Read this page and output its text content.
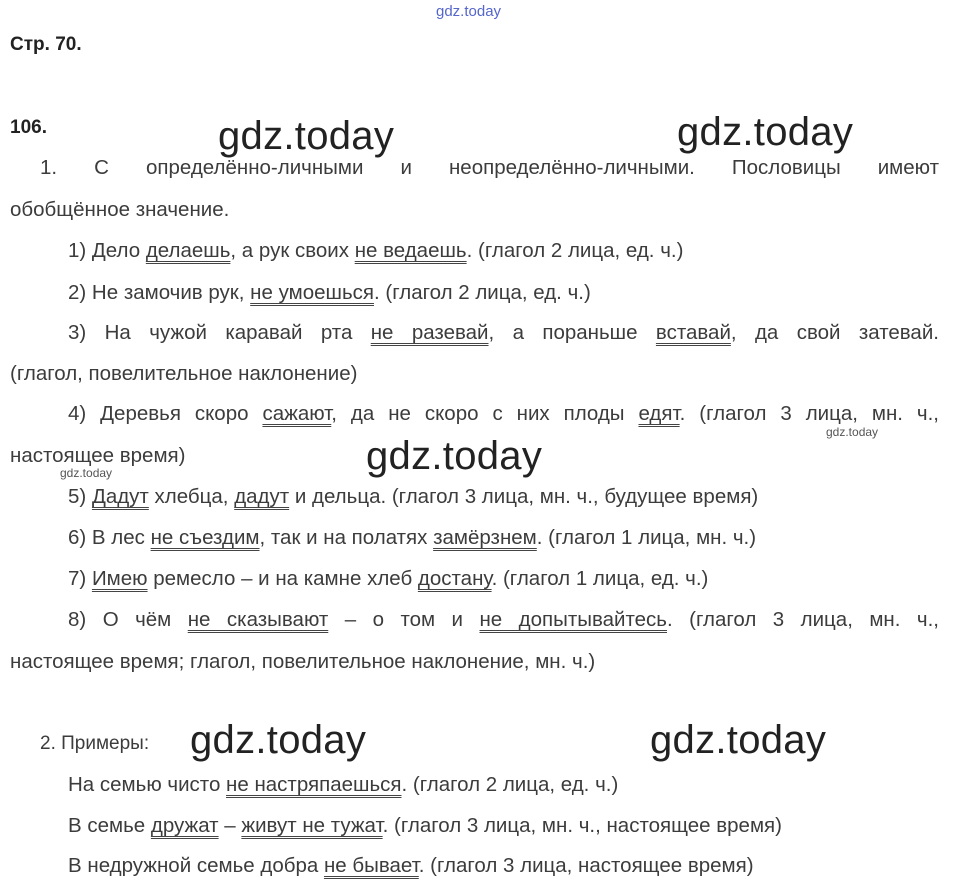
gdz.today
gdz.today	gdz.today
gdz.today
gdz.today	gdz.today
gdz.today
gdz.today
Стр. 70.
106.
1. С определённо-личными и неопределённо-личными. Пословицы имеют
обобщённое значение.
1) Дело делаешь, а рук своих не ведаешь. (глагол 2 лица, ед. ч.)
2) Не замочив рук, не умоешься. (глагол 2 лица, ед. ч.)
3) На чужой каравай рта не разевай, а пораньше вставай, да свой затевай.
(глагол, повелительное наклонение)
4) Деревья скоро сажают, да не скоро с них плоды едят. (глагол 3 лица, мн. ч.,
настоящее время)
5) Дадут хлебца, дадут и дельца. (глагол 3 лица, мн. ч., будущее время)
6) В лес не съездим, так и на полатях замёрзнем. (глагол 1 лица, мн. ч.)
7) Имею ремесло – и на камне хлеб достану. (глагол 1 лица, ед. ч.)
8) О чём не сказывают – о том и не допытывайтесь. (глагол 3 лица, мн. ч.,
настоящее время; глагол, повелительное наклонение, мн. ч.)
2. Примеры:
На семью чисто не настряпаешься. (глагол 2 лица, ед. ч.)
В семье дружат – живут не тужат. (глагол 3 лица, мн. ч., настоящее время)
В недружной семье добра не бывает. (глагол 3 лица, настоящее время)
